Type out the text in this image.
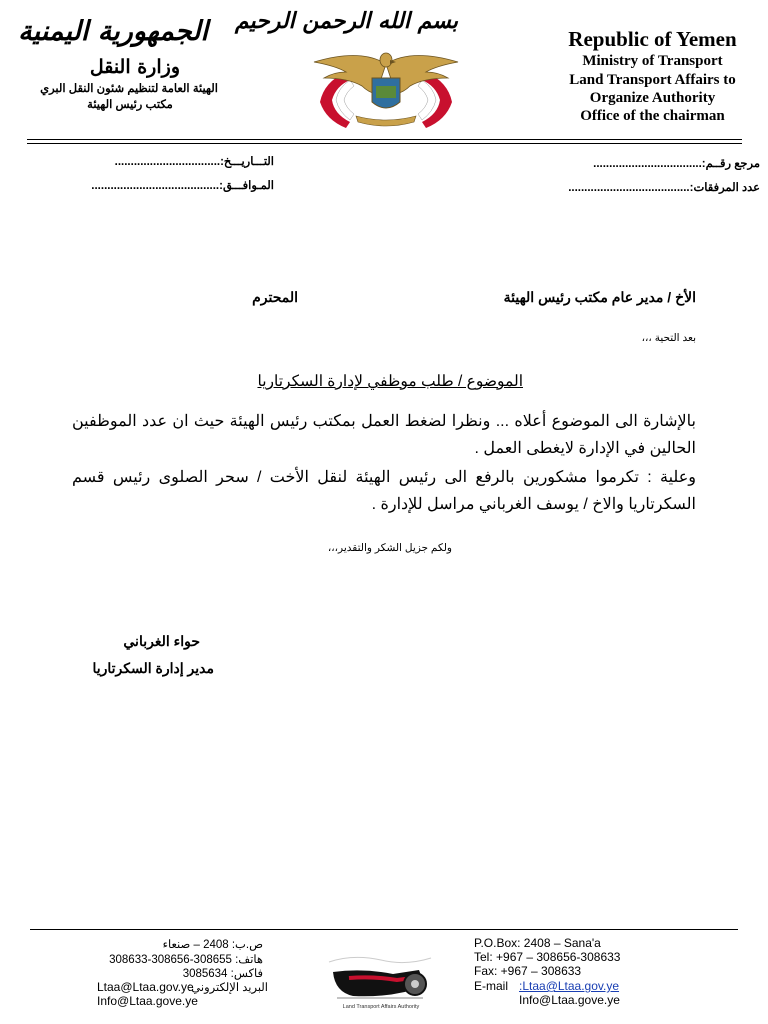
الجمهورية اليمنية
وزارة النقل
الهيئة العامة لتنظيم شئون النقل البري
مكتب رئيس الهيئة
بسم الله الرحمن الرحيم
Republic of Yemen
Ministry of Transport
Land Transport Affairs to
Organize Authority
Office of the chairman
مرجع رقــم:..................................
عدد المرفقات:......................................
التـــاريـــخ:.................................
المـوافـــق:........................................
الأخ / مدير عام مكتب رئيس الهيئة
المحترم
بعد التحية ،،،
الموضوع / طلب موظفي لإدارة السكرتاريا
بالإشارة الى الموضوع أعلاه ... ونظرا لضغط العمل بمكتب رئيس الهيئة حيث ان عدد الموظفين الحالين في الإدارة لايغطى العمل .
وعلية : تكرموا مشكورين بالرفع الى رئيس الهيئة لنقل الأخت / سحر الصلوى رئيس قسم السكرتاريا والاخ / يوسف الغرباني مراسل للإدارة .
ولكم جزيل الشكر والتقدير،،،
حواء الغرباني
مدير إدارة السكرتاريا
ص.ب: 2408 – صنعاء
هاتف: 308655-308656-308633
فاكس: 3085634
البريد الإلكتروني:
Ltaa@Ltaa.gov.ye
Info@Ltaa.gove.ye	Land Transport Affairs Authority
P.O.Box: 2408 – Sana'a
Tel: +967 – 308656-308633
Fax: +967 – 308633
E-mail :Ltaa@Ltaa.gov.ye
Info@Ltaa.gove.ye
